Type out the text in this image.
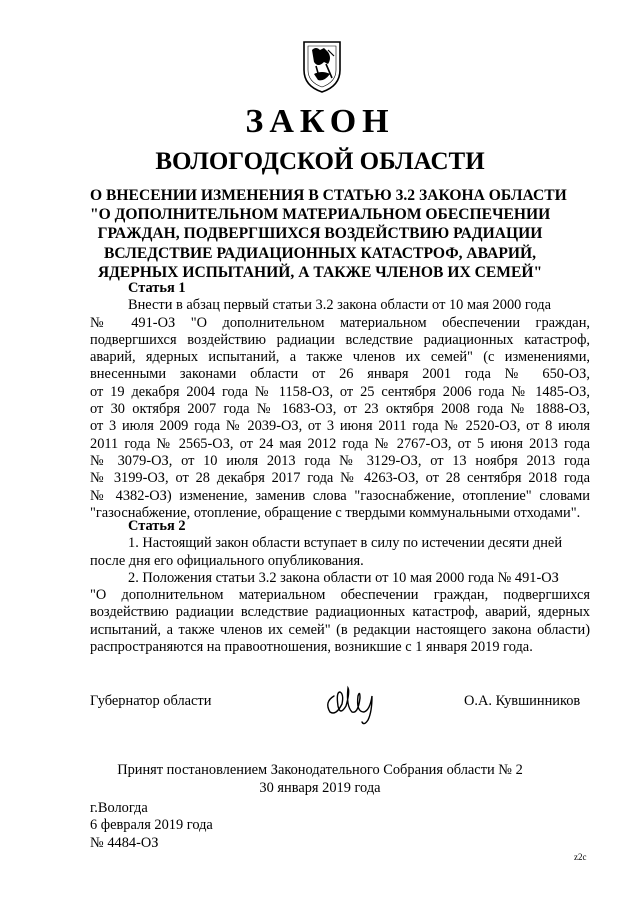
ЗАКОН
ВОЛОГОДСКОЙ ОБЛАСТИ
О ВНЕСЕНИИ ИЗМЕНЕНИЯ В СТАТЬЮ 3.2 ЗАКОНА ОБЛАСТИ
"О ДОПОЛНИТЕЛЬНОМ МАТЕРИАЛЬНОМ ОБЕСПЕЧЕНИИ
ГРАЖДАН, ПОДВЕРГШИХСЯ ВОЗДЕЙСТВИЮ РАДИАЦИИ
ВСЛЕДСТВИЕ РАДИАЦИОННЫХ КАТАСТРОФ, АВАРИЙ,
ЯДЕРНЫХ ИСПЫТАНИЙ, А ТАКЖЕ ЧЛЕНОВ ИХ СЕМЕЙ"
Статья 1
Внести в абзац первый статьи 3.2 закона области от 10 мая 2000 года
№ 491-ОЗ "О дополнительном материальном обеспечении граждан,
подвергшихся воздействию радиации вследствие радиационных катастроф,
аварий, ядерных испытаний, а также членов их семей" (с изменениями,
внесенными законами области от 26 января 2001 года № 650-ОЗ,
от 19 декабря 2004 года № 1158-ОЗ, от 25 сентября 2006 года № 1485-ОЗ,
от 30 октября 2007 года № 1683-ОЗ, от 23 октября 2008 года № 1888-ОЗ,
от 3 июля 2009 года № 2039-ОЗ, от 3 июня 2011 года № 2520-ОЗ, от 8 июля
2011 года № 2565-ОЗ, от 24 мая 2012 года № 2767-ОЗ, от 5 июня 2013 года
№ 3079-ОЗ, от 10 июля 2013 года № 3129-ОЗ, от 13 ноября 2013 года
№ 3199-ОЗ, от 28 декабря 2017 года № 4263-ОЗ, от 28 сентября 2018 года
№ 4382-ОЗ) изменение, заменив слова "газоснабжение, отопление" словами
"газоснабжение, отопление, обращение с твердыми коммунальными отходами".
Статья 2
1. Настоящий закон области вступает в силу по истечении десяти дней
после дня его официального опубликования.
2. Положения статьи 3.2 закона области от 10 мая 2000 года № 491-ОЗ
"О дополнительном материальном обеспечении граждан, подвергшихся
воздействию радиации вследствие радиационных катастроф, аварий, ядерных
испытаний, а также членов их семей" (в редакции настоящего закона области)
распространяются на правоотношения, возникшие с 1 января 2019 года.
Губернатор области	О.А. Кувшинников
Принят постановлением Законодательного Собрания области № 2
30 января 2019 года
г.Вологда
6 февраля 2019 года
№ 4484-ОЗ
z2c
